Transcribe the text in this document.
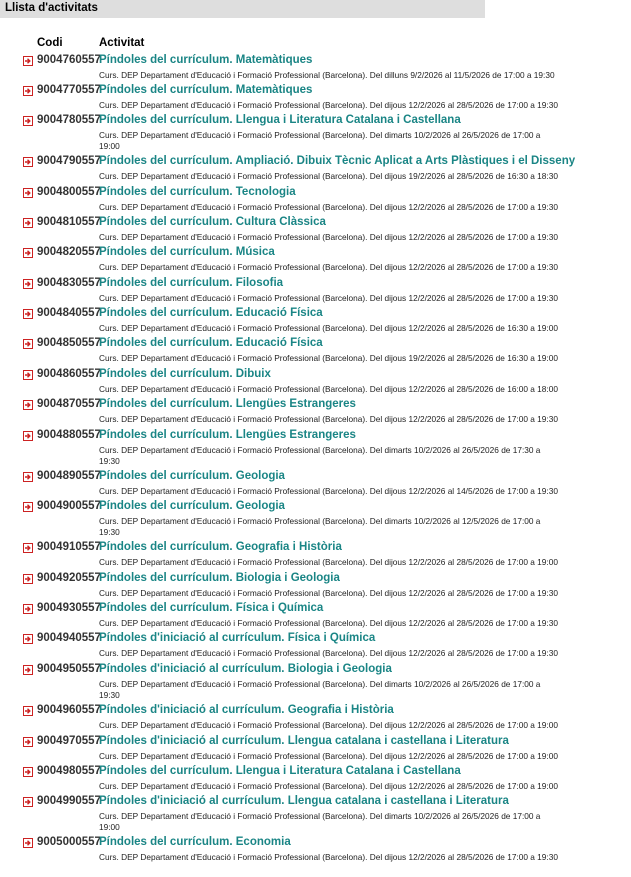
Llista d'activitats
Codi	Activitat
9004760557
Píndoles del currículum. Matemàtiques
Curs. DEP Departament d'Educació i Formació Professional (Barcelona). Del dilluns 9/2/2026 al 11/5/2026 de 17:00 a 19:30
9004770557
Píndoles del currículum. Matemàtiques
Curs. DEP Departament d'Educació i Formació Professional (Barcelona). Del dijous 12/2/2026 al 28/5/2026 de 17:00 a 19:30
9004780557
Píndoles del currículum. Llengua i Literatura Catalana i Castellana
Curs. DEP Departament d'Educació i Formació Professional (Barcelona). Del dimarts 10/2/2026 al 26/5/2026 de 17:00 a 19:00
9004790557
Píndoles del currículum. Ampliació. Dibuix Tècnic Aplicat a Arts Plàstiques i el Disseny
Curs. DEP Departament d'Educació i Formació Professional (Barcelona). Del dijous 19/2/2026 al 28/5/2026 de 16:30 a 18:30
9004800557
Píndoles del currículum. Tecnologia
Curs. DEP Departament d'Educació i Formació Professional (Barcelona). Del dijous 12/2/2026 al 28/5/2026 de 17:00 a 19:30
9004810557
Píndoles del currículum. Cultura Clàssica
Curs. DEP Departament d'Educació i Formació Professional (Barcelona). Del dijous 12/2/2026 al 28/5/2026 de 17:00 a 19:30
9004820557
Píndoles del currículum. Música
Curs. DEP Departament d'Educació i Formació Professional (Barcelona). Del dijous 12/2/2026 al 28/5/2026 de 17:00 a 19:30
9004830557
Píndoles del currículum. Filosofia
Curs. DEP Departament d'Educació i Formació Professional (Barcelona). Del dijous 12/2/2026 al 28/5/2026 de 17:00 a 19:30
9004840557
Píndoles del currículum. Educació Física
Curs. DEP Departament d'Educació i Formació Professional (Barcelona). Del dijous 12/2/2026 al 28/5/2026 de 16:30 a 19:00
9004850557
Píndoles del currículum. Educació Física
Curs. DEP Departament d'Educació i Formació Professional (Barcelona). Del dijous 19/2/2026 al 28/5/2026 de 16:30 a 19:00
9004860557
Píndoles del currículum. Dibuix
Curs. DEP Departament d'Educació i Formació Professional (Barcelona). Del dijous 12/2/2026 al 28/5/2026 de 16:00 a 18:00
9004870557
Píndoles del currículum. Llengües Estrangeres
Curs. DEP Departament d'Educació i Formació Professional (Barcelona). Del dijous 12/2/2026 al 28/5/2026 de 17:00 a 19:30
9004880557
Píndoles del currículum. Llengües Estrangeres
Curs. DEP Departament d'Educació i Formació Professional (Barcelona). Del dimarts 10/2/2026 al 26/5/2026 de 17:30 a 19:30
9004890557
Píndoles del currículum. Geologia
Curs. DEP Departament d'Educació i Formació Professional (Barcelona). Del dijous 12/2/2026 al 14/5/2026 de 17:00 a 19:30
9004900557
Píndoles del currículum. Geologia
Curs. DEP Departament d'Educació i Formació Professional (Barcelona). Del dimarts 10/2/2026 al 12/5/2026 de 17:00 a 19:30
9004910557
Píndoles del currículum. Geografia i Història
Curs. DEP Departament d'Educació i Formació Professional (Barcelona). Del dijous 12/2/2026 al 28/5/2026 de 17:00 a 19:00
9004920557
Píndoles del currículum. Biologia i Geologia
Curs. DEP Departament d'Educació i Formació Professional (Barcelona). Del dijous 12/2/2026 al 28/5/2026 de 17:00 a 19:30
9004930557
Píndoles del currículum. Física i Química
Curs. DEP Departament d'Educació i Formació Professional (Barcelona). Del dijous 12/2/2026 al 28/5/2026 de 17:00 a 19:30
9004940557
Píndoles d'iniciació al currículum. Física i Química
Curs. DEP Departament d'Educació i Formació Professional (Barcelona). Del dijous 12/2/2026 al 28/5/2026 de 17:00 a 19:30
9004950557
Píndoles d'iniciació al currículum. Biologia i Geologia
Curs. DEP Departament d'Educació i Formació Professional (Barcelona). Del dimarts 10/2/2026 al 26/5/2026 de 17:00 a 19:30
9004960557
Píndoles d'iniciació al currículum. Geografia i Història
Curs. DEP Departament d'Educació i Formació Professional (Barcelona). Del dijous 12/2/2026 al 28/5/2026 de 17:00 a 19:00
9004970557
Píndoles d'iniciació al currículum. Llengua catalana i castellana i Literatura
Curs. DEP Departament d'Educació i Formació Professional (Barcelona). Del dijous 12/2/2026 al 28/5/2026 de 17:00 a 19:00
9004980557
Píndoles del currículum. Llengua i Literatura Catalana i Castellana
Curs. DEP Departament d'Educació i Formació Professional (Barcelona). Del dijous 12/2/2026 al 28/5/2026 de 17:00 a 19:00
9004990557
Píndoles d'iniciació al currículum. Llengua catalana i castellana i Literatura
Curs. DEP Departament d'Educació i Formació Professional (Barcelona). Del dimarts 10/2/2026 al 26/5/2026 de 17:00 a 19:00
9005000557
Píndoles del currículum. Economia
Curs. DEP Departament d'Educació i Formació Professional (Barcelona). Del dijous 12/2/2026 al 28/5/2026 de 17:00 a 19:30
